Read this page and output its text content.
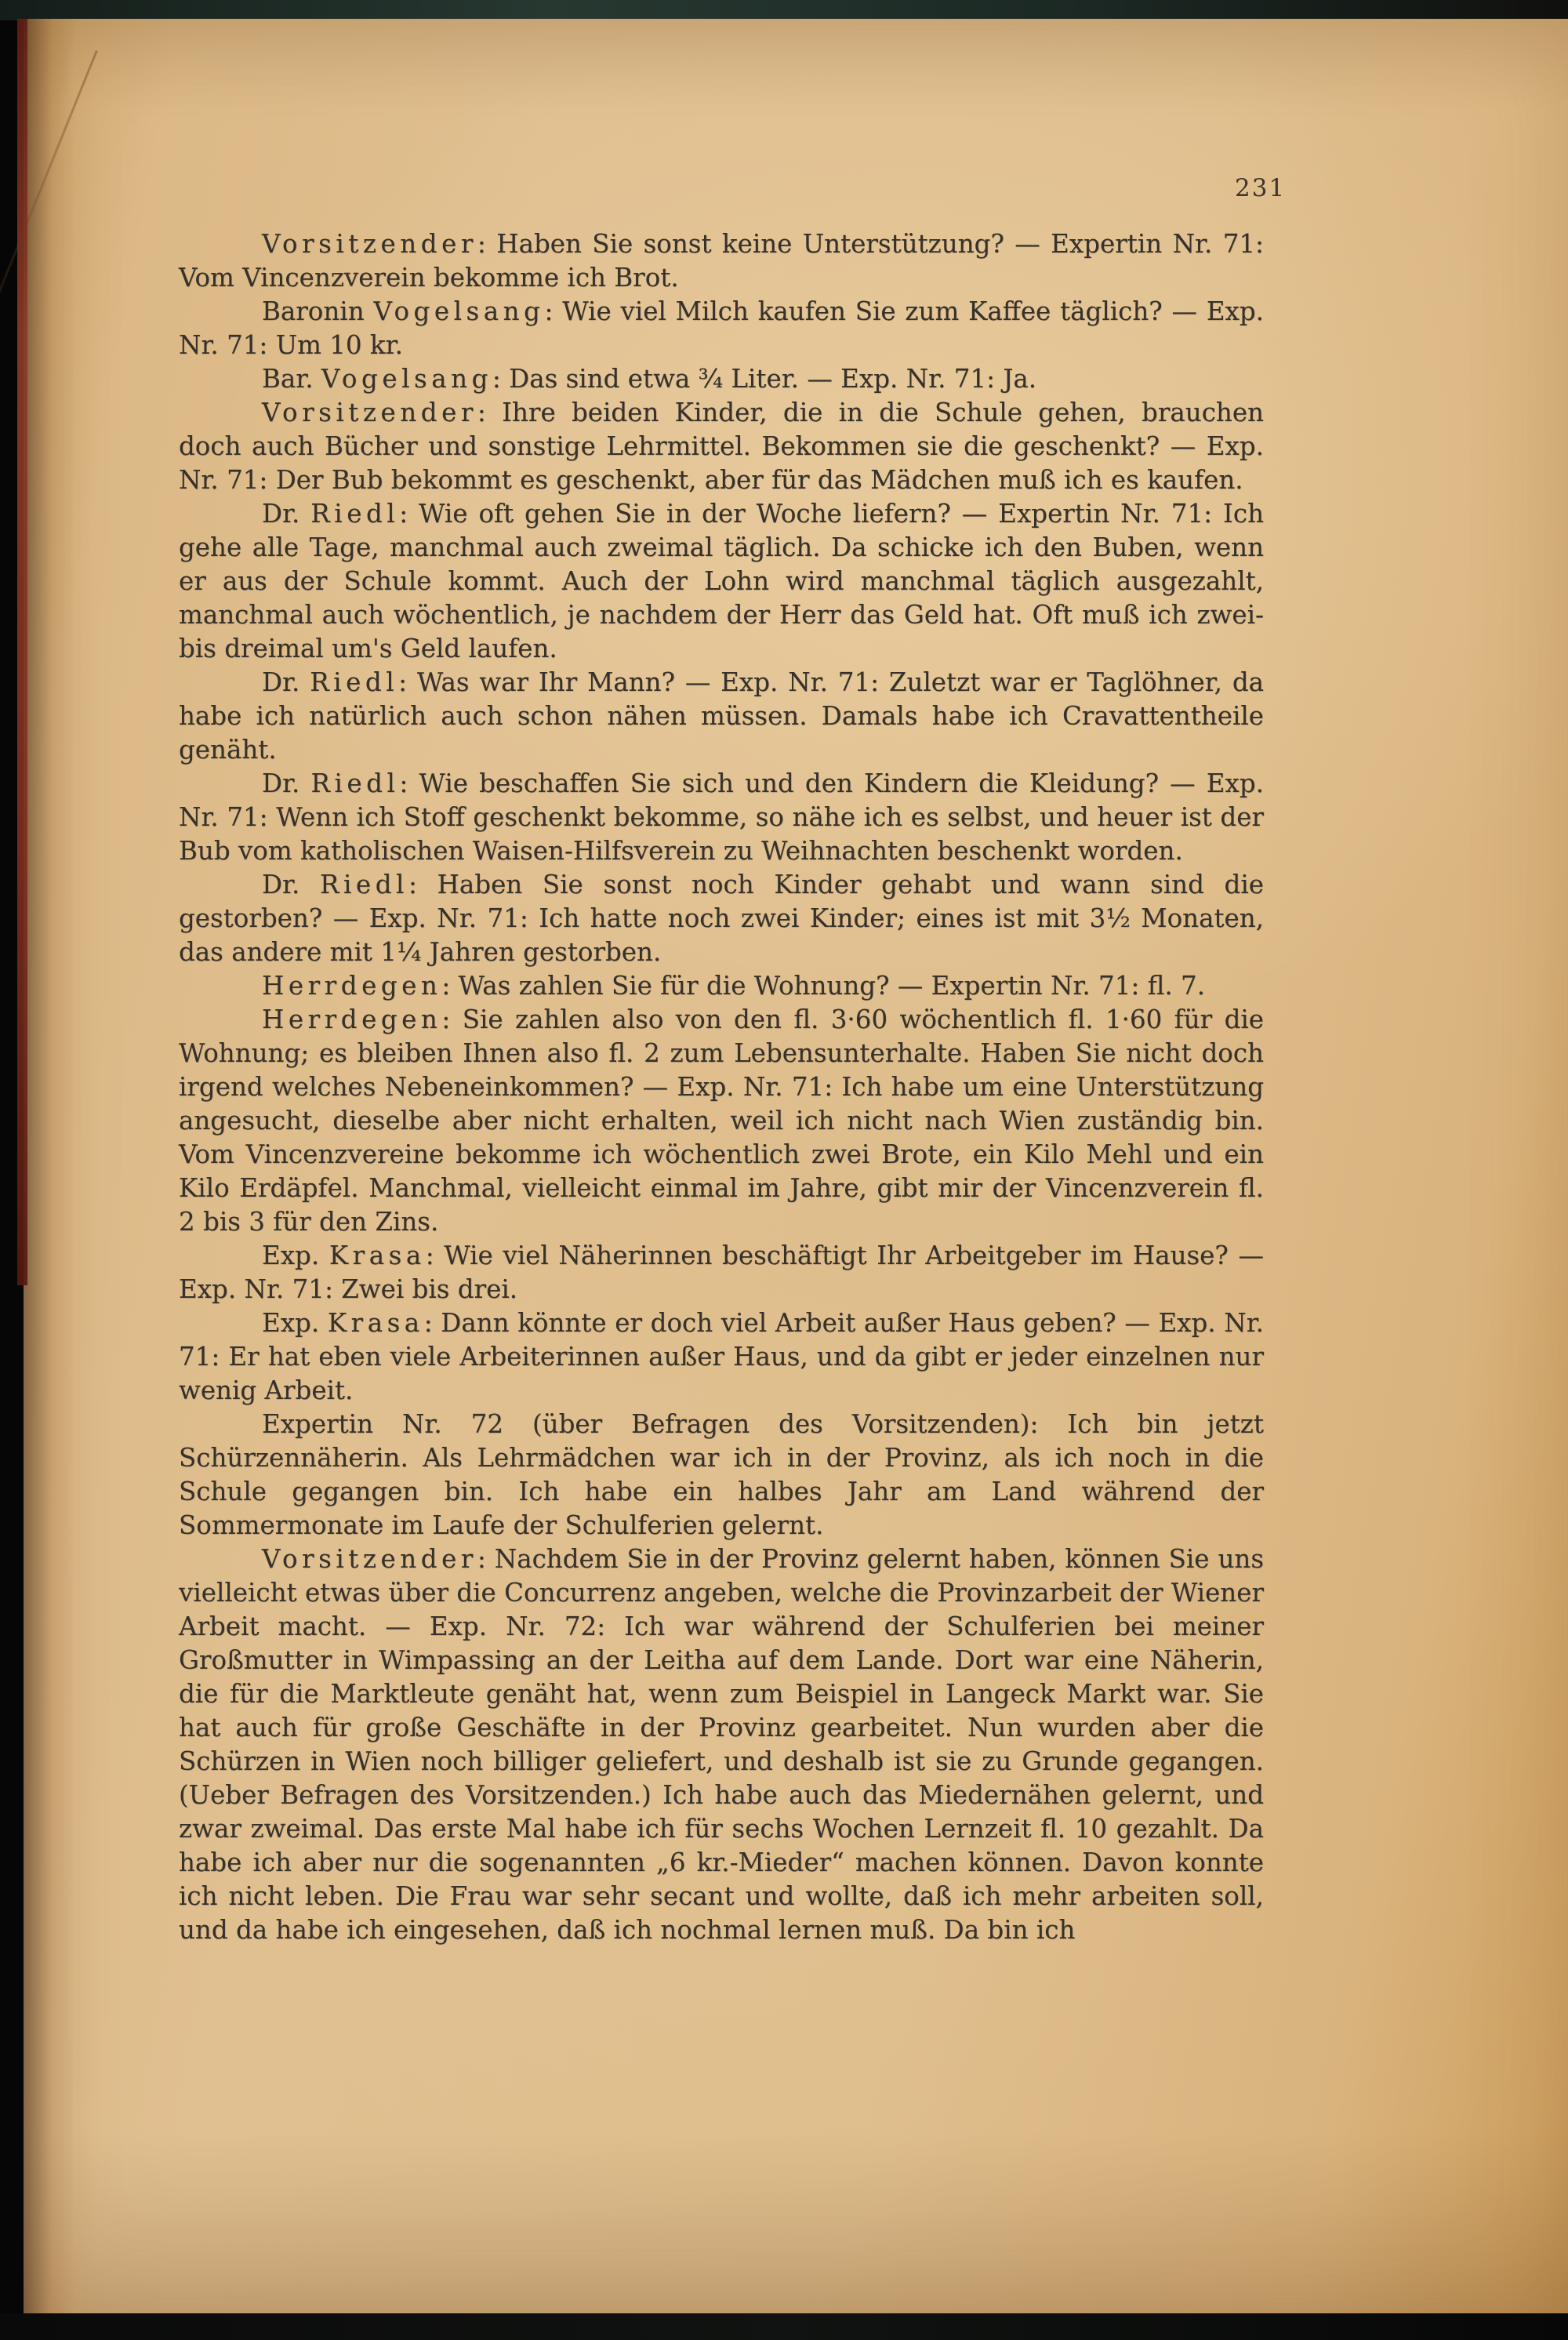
231

Vorsitzender: Haben Sie sonst keine Unterstützung? — Expertin Nr. 71: Vom Vincenzverein bekomme ich Brot.

Baronin Vogelsang: Wie viel Milch kaufen Sie zum Kaffee täglich? — Exp. Nr. 71: Um 10 kr.

Bar. Vogelsang: Das sind etwa ¾ Liter. — Exp. Nr. 71: Ja.

Vorsitzender: Ihre beiden Kinder, die in die Schule gehen, brauchen doch auch Bücher und sonstige Lehrmittel. Bekommen sie die geschenkt? — Exp. Nr. 71: Der Bub bekommt es geschenkt, aber für das Mädchen muß ich es kaufen.

Dr. Riedl: Wie oft gehen Sie in der Woche liefern? — Expertin Nr. 71: Ich gehe alle Tage, manchmal auch zweimal täglich. Da schicke ich den Buben, wenn er aus der Schule kommt. Auch der Lohn wird manchmal täglich ausgezahlt, manchmal auch wöchentlich, je nachdem der Herr das Geld hat. Oft muß ich zwei- bis dreimal um's Geld laufen.

Dr. Riedl: Was war Ihr Mann? — Exp. Nr. 71: Zuletzt war er Taglöhner, da habe ich natürlich auch schon nähen müssen. Damals habe ich Cravattentheile genäht.

Dr. Riedl: Wie beschaffen Sie sich und den Kindern die Kleidung? — Exp. Nr. 71: Wenn ich Stoff geschenkt bekomme, so nähe ich es selbst, und heuer ist der Bub vom katholischen Waisen-Hilfsverein zu Weihnachten beschenkt worden.

Dr. Riedl: Haben Sie sonst noch Kinder gehabt und wann sind die gestorben? — Exp. Nr. 71: Ich hatte noch zwei Kinder; eines ist mit 3½ Monaten, das andere mit 1¼ Jahren gestorben.

Herrdegen: Was zahlen Sie für die Wohnung? — Expertin Nr. 71: fl. 7.

Herrdegen: Sie zahlen also von den fl. 3·60 wöchentlich fl. 1·60 für die Wohnung; es bleiben Ihnen also fl. 2 zum Lebensunterhalte. Haben Sie nicht doch irgend welches Nebeneinkommen? — Exp. Nr. 71: Ich habe um eine Unterstützung angesucht, dieselbe aber nicht erhalten, weil ich nicht nach Wien zuständig bin. Vom Vincenzvereine bekomme ich wöchentlich zwei Brote, ein Kilo Mehl und ein Kilo Erdäpfel. Manchmal, vielleicht einmal im Jahre, gibt mir der Vincenzverein fl. 2 bis 3 für den Zins.

Exp. Krasa: Wie viel Näherinnen beschäftigt Ihr Arbeitgeber im Hause? — Exp. Nr. 71: Zwei bis drei.

Exp. Krasa: Dann könnte er doch viel Arbeit außer Haus geben? — Exp. Nr. 71: Er hat eben viele Arbeiterinnen außer Haus, und da gibt er jeder einzelnen nur wenig Arbeit.

Expertin Nr. 72 (über Befragen des Vorsitzenden): Ich bin jetzt Schürzennäherin. Als Lehrmädchen war ich in der Provinz, als ich noch in die Schule gegangen bin. Ich habe ein halbes Jahr am Land während der Sommermonate im Laufe der Schulferien gelernt.

Vorsitzender: Nachdem Sie in der Provinz gelernt haben, können Sie uns vielleicht etwas über die Concurrenz angeben, welche die Provinzarbeit der Wiener Arbeit macht. — Exp. Nr. 72: Ich war während der Schulferien bei meiner Großmutter in Wimpassing an der Leitha auf dem Lande. Dort war eine Näherin, die für die Marktleute genäht hat, wenn zum Beispiel in Langeck Markt war. Sie hat auch für große Geschäfte in der Provinz gearbeitet. Nun wurden aber die Schürzen in Wien noch billiger geliefert, und deshalb ist sie zu Grunde gegangen. (Ueber Befragen des Vorsitzenden.) Ich habe auch das Miedernähen gelernt, und zwar zweimal. Das erste Mal habe ich für sechs Wochen Lernzeit fl. 10 gezahlt. Da habe ich aber nur die sogenannten „6 kr.-Mieder“ machen können. Davon konnte ich nicht leben. Die Frau war sehr secant und wollte, daß ich mehr arbeiten soll, und da habe ich eingesehen, daß ich nochmal lernen muß. Da bin ich
